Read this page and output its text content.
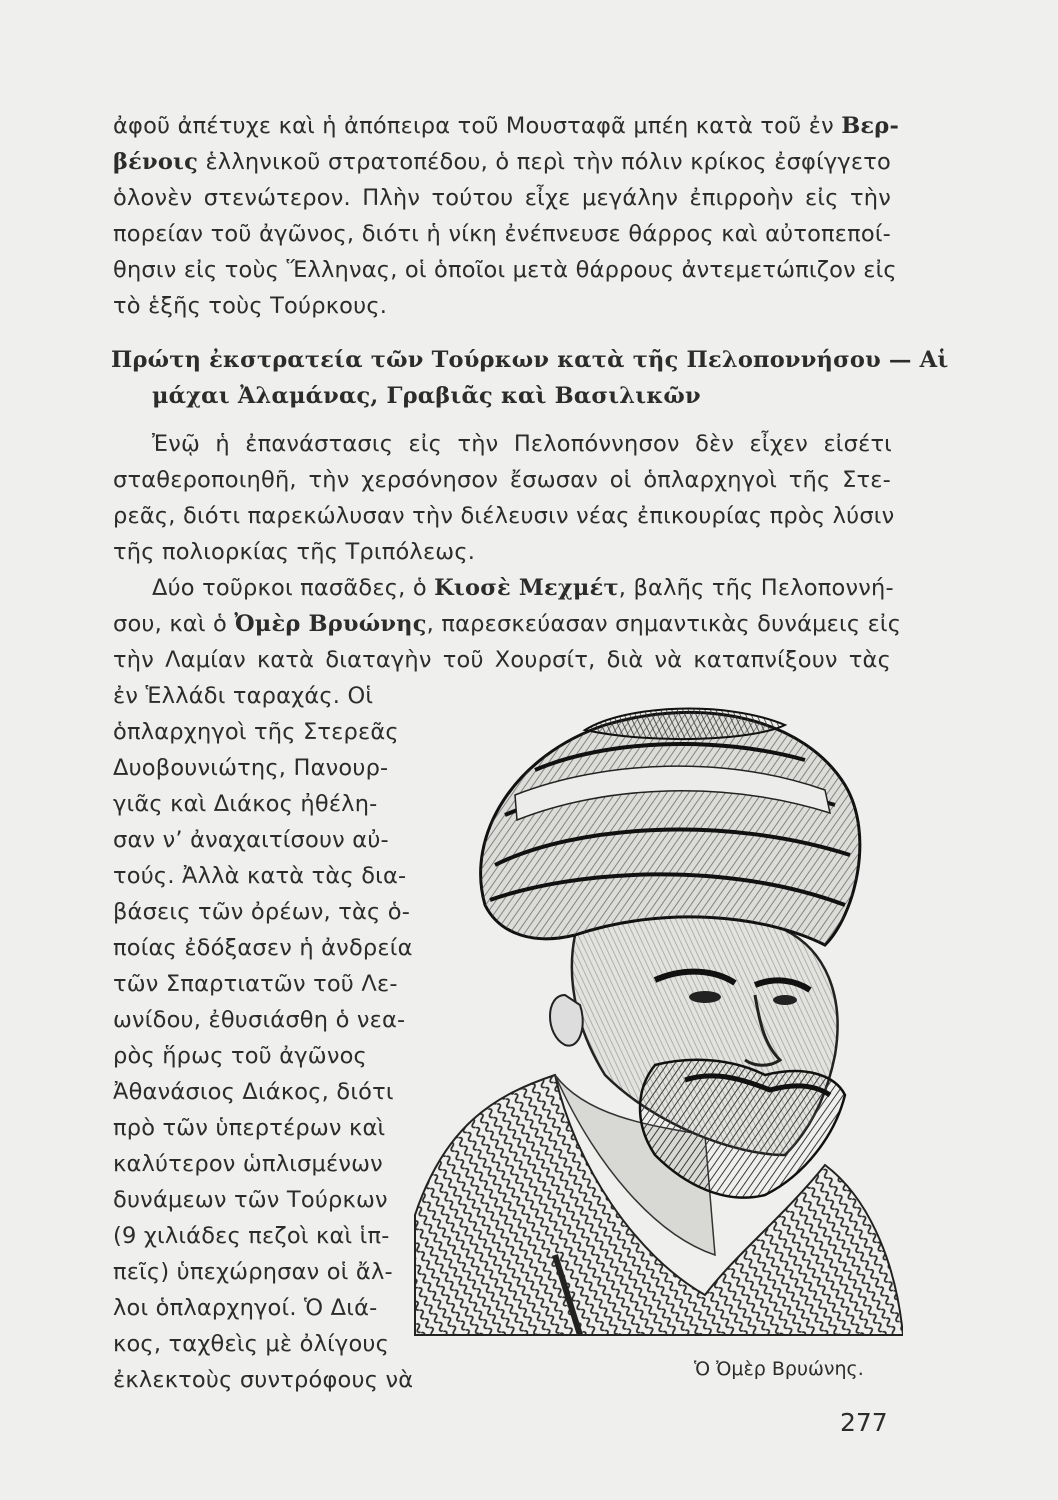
ἀφοῦ ἀπέτυχε καὶ ἡ ἀπόπειρα τοῦ Μουσταφᾶ μπέη κατὰ τοῦ ἐν Βερ-
βένοις ἑλληνικοῦ στρατοπέδου, ὁ περὶ τὴν πόλιν κρίκος ἐσφίγγετο
ὁλονὲν στενώτερον. Πλὴν τούτου εἶχε μεγάλην ἐπιρροὴν εἰς τὴν
πορείαν τοῦ ἀγῶνος, διότι ἡ νίκη ἐνέπνευσε θάρρος καὶ αὐτοπεποί-
θησιν εἰς τοὺς Ἕλληνας, οἱ ὁποῖοι μετὰ θάρρους ἀντεμετώπιζον εἰς
τὸ ἑξῆς τοὺς Τούρκους.
Πρώτη ἐκστρατεία τῶν Τούρκων κατὰ τῆς Πελοποννήσου — Αἱ
μάχαι Ἀλαμάνας, Γραβιᾶς καὶ Βασιλικῶν
Ἐνῷ ἡ ἐπανάστασις εἰς τὴν Πελοπόννησον δὲν εἶχεν εἰσέτι
σταθεροποιηθῆ, τὴν χερσόνησον ἔσωσαν οἱ ὁπλαρχηγοὶ τῆς Στε-
ρεᾶς, διότι παρεκώλυσαν τὴν διέλευσιν νέας ἐπικουρίας πρὸς λύσιν
τῆς πολιορκίας τῆς Τριπόλεως.
Δύο τοῦρκοι πασᾶδες, ὁ Κιοσὲ Μεχμέτ, βαλῆς τῆς Πελοποννή-
σου, καὶ ὁ Ὀμὲρ Βρυώνης, παρεσκεύασαν σημαντικὰς δυνάμεις εἰς
τὴν Λαμίαν κατὰ διαταγὴν τοῦ Χουρσίτ, διὰ νὰ καταπνίξουν τὰς
ἐν Ἑλλάδι ταραχάς. Οἱ
ὁπλαρχηγοὶ τῆς Στερεᾶς
Δυοβουνιώτης, Πανουρ-
γιᾶς καὶ Διάκος ἠθέλη-
σαν ν’ ἀναχαιτίσουν αὐ-
τούς. Ἀλλὰ κατὰ τὰς δια-
βάσεις τῶν ὀρέων, τὰς ὁ-
ποίας ἐδόξασεν ἡ ἀνδρεία
τῶν Σπαρτιατῶν τοῦ Λε-
ωνίδου, ἐθυσιάσθη ὁ νεα-
ρὸς ἥρως τοῦ ἀγῶνος
Ἀθανάσιος Διάκος, διότι
πρὸ τῶν ὑπερτέρων καὶ
καλύτερον ὡπλισμένων
δυνάμεων τῶν Τούρκων
(9 χιλιάδες πεζοὶ καὶ ἱπ-
πεῖς) ὑπεχώρησαν οἱ ἄλ-
λοι ὁπλαρχηγοί. Ὁ Διά-
κος, ταχθεὶς μὲ ὀλίγους
ἐκλεκτοὺς συντρόφους νὰ	Ὁ Ὀμὲρ Βρυώνης.
277
